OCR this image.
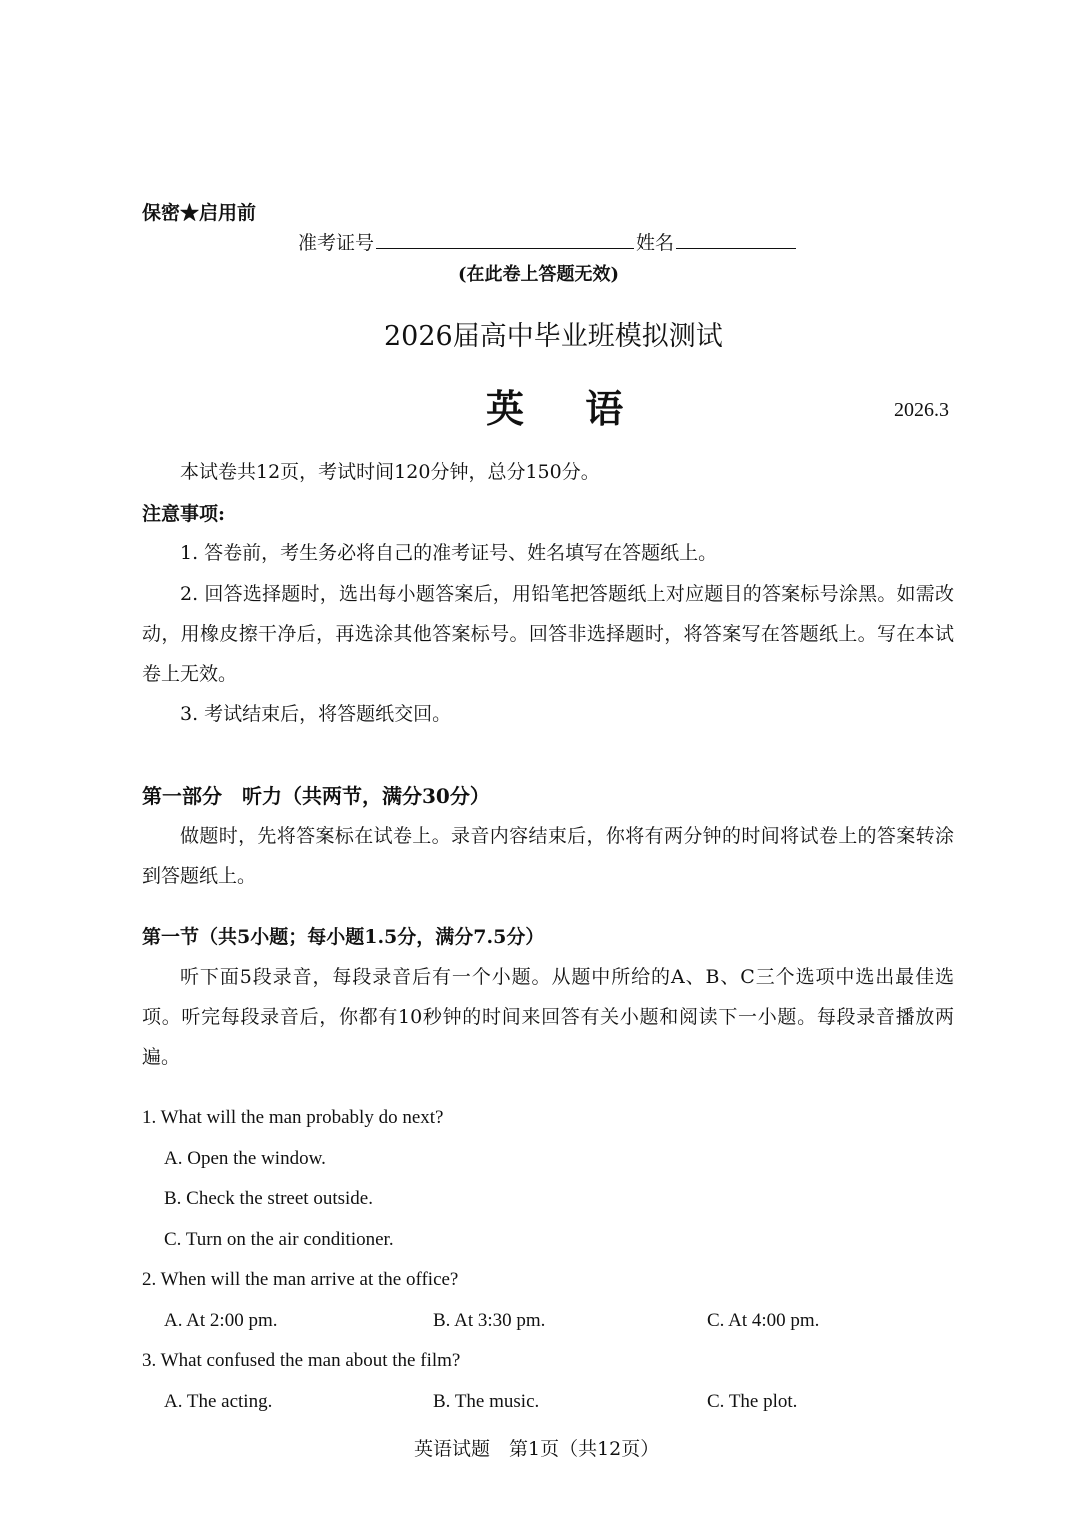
保密★启用前
准考证号	姓名
(在此卷上答题无效)
2026届高中毕业班模拟测试
英 语	2026.3
本试卷共12页，考试时间120分钟，总分150分。
注意事项:
1. 答卷前，考生务必将自己的准考证号、姓名填写在答题纸上。
2. 回答选择题时，选出每小题答案后，用铅笔把答题纸上对应题目的答案标号涂黑。如需改动，用橡皮擦干净后，再选涂其他答案标号。回答非选择题时，将答案写在答题纸上。写在本试卷上无效。
3. 考试结束后，将答题纸交回。
第一部分　听力（共两节，满分30分）
做题时，先将答案标在试卷上。录音内容结束后，你将有两分钟的时间将试卷上的答案转涂到答题纸上。
第一节（共5小题；每小题1.5分，满分7.5分）
听下面5段录音，每段录音后有一个小题。从题中所给的A、B、C三个选项中选出最佳选项。听完每段录音后，你都有10秒钟的时间来回答有关小题和阅读下一小题。每段录音播放两遍。
1. What will the man probably do next?
A. Open the window.
B. Check the street outside.
C. Turn on the air conditioner.
2. When will the man arrive at the office?
A. At 2:00 pm.	B. At 3:30 pm.	C. At 4:00 pm.
3. What confused the man about the film?
A. The acting.	B. The music.	C. The plot.
英语试题　第1页（共12页）
